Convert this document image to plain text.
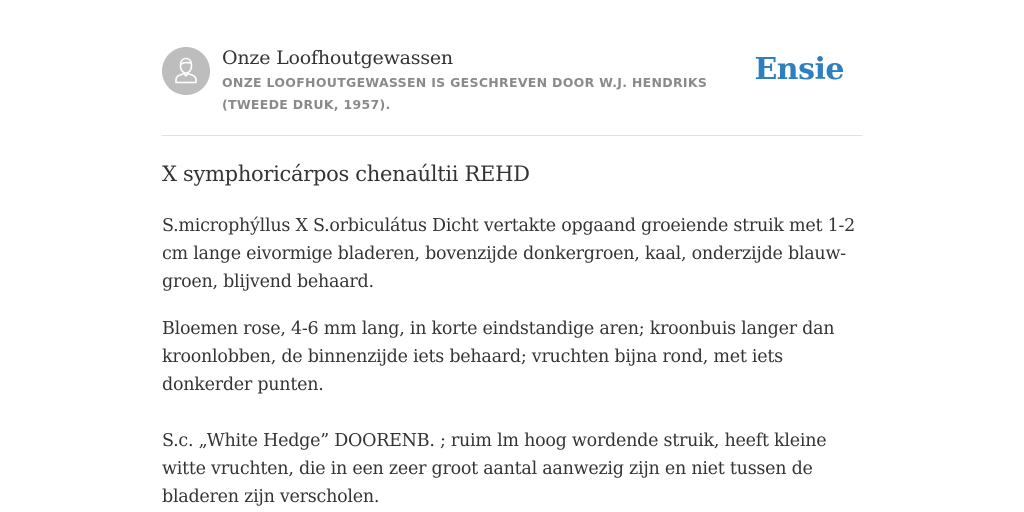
Onze Loofhoutgewassen

ONZE LOOFHOUTGEWASSEN IS GESCHREVEN DOOR W.J. HENDRIKS (TWEEDE DRUK, 1957).

Ensie
X symphoricárpos chenaúltii REHD

S.microphýllus X S.orbiculátus Dicht vertakte opgaand groeiende struik met 1-2 cm lange eivormige bladeren, bovenzijde donkergroen, kaal, onderzijde blauw-groen, blijvend behaard.

Bloemen rose, 4-6 mm lang, in korte eindstandige aren; kroonbuis langer dan kroonlobben, de binnenzijde iets behaard; vruchten bijna rond, met iets donkerder punten.

S.c. „White Hedge” DOORENB. ; ruim lm hoog wordende struik, heeft kleine witte vruchten, die in een zeer groot aantal aanwezig zijn en niet tussen de bladeren zijn verscholen.
